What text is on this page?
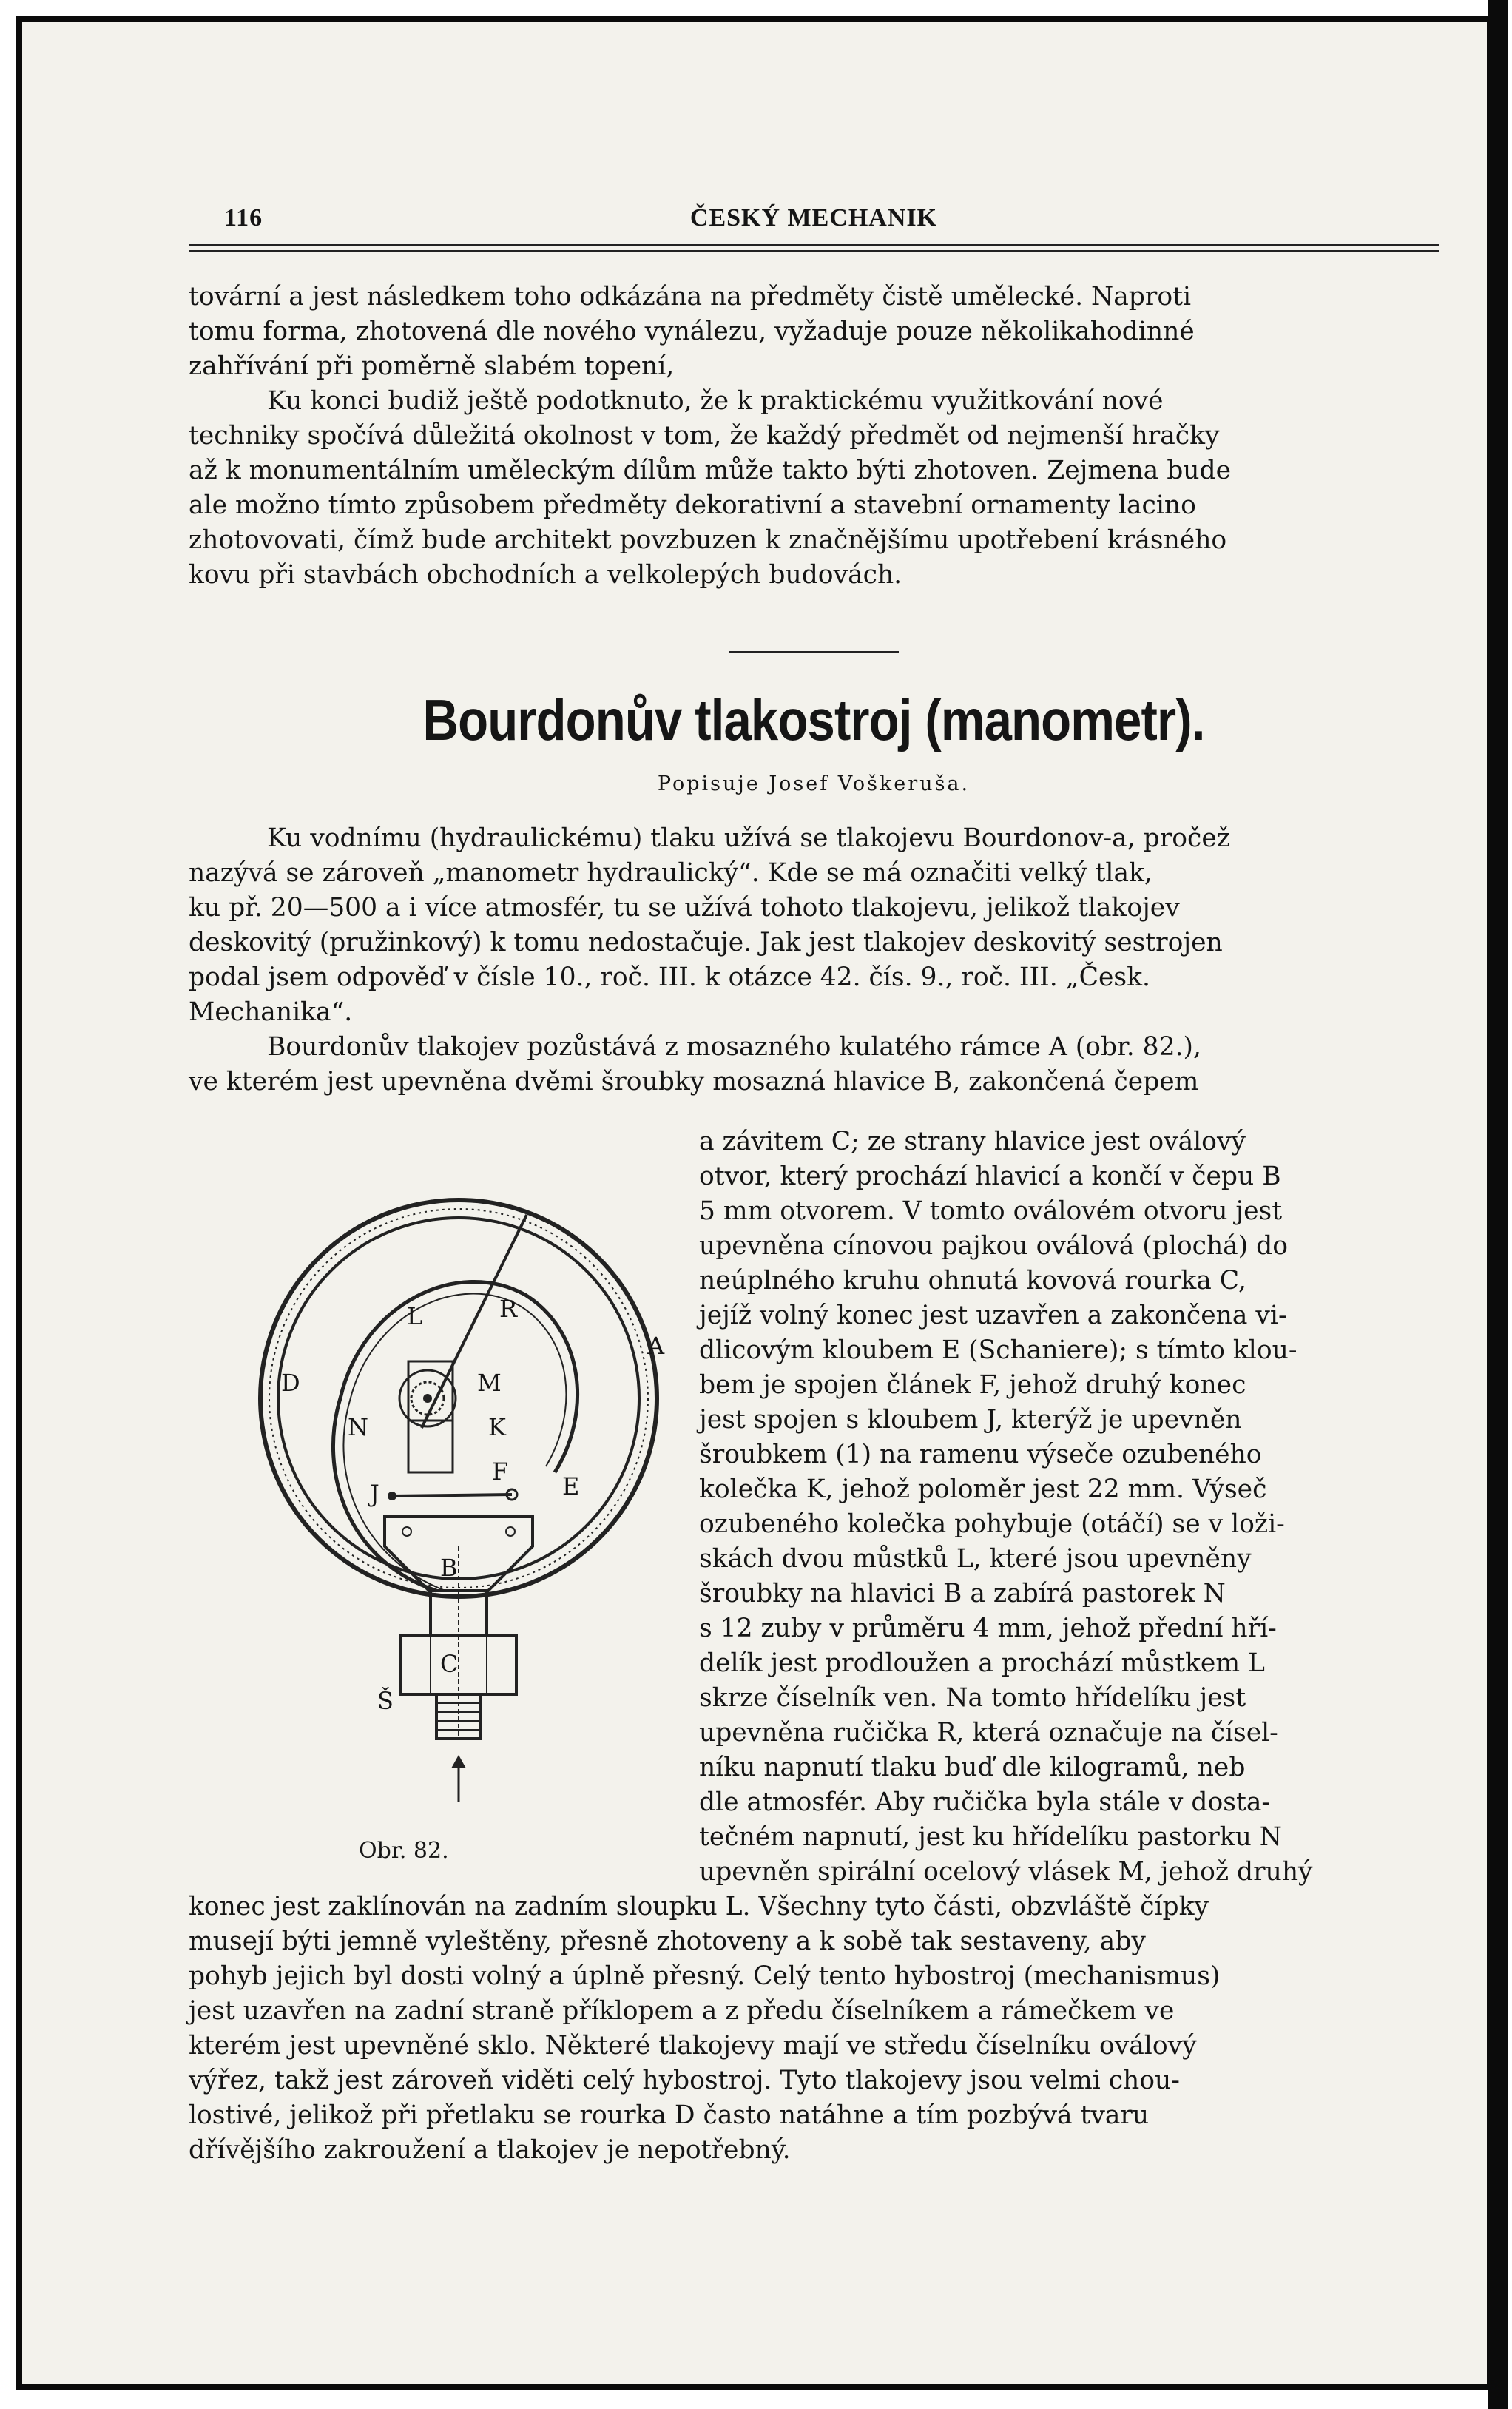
116	ČESKÝ MECHANIK

tovární a jest následkem toho odkázána na předměty čistě umělecké. Naproti

tomu forma, zhotovená dle nového vynálezu, vyžaduje pouze několikahodinné

zahřívání při poměrně slabém topení,

Ku konci budiž ještě podotknuto, že k praktickému využitkování nové

techniky spočívá důležitá okolnost v tom, že každý předmět od nejmenší hračky

až k monumentálním uměleckým dílům může takto býti zhotoven. Zejmena bude

ale možno tímto způsobem předměty dekorativní a stavební ornamenty lacino

zhotovovati, čímž bude architekt povzbuzen k značnějšímu upotřebení krásného

kovu při stavbách obchodních a velkolepých budovách.

Bourdonův tlakostroj (manometr).
Popisuje Josef Voškeruša.

Ku vodnímu (hydraulickému) tlaku užívá se tlakojevu Bourdonov-a, pročež

nazývá se zároveň „manometr hydraulický“. Kde se má označiti velký tlak,

ku př. 20—500 a i více atmosfér, tu se užívá tohoto tlakojevu, jelikož tlakojev

deskovitý (pružinkový) k tomu nedostačuje. Jak jest tlakojev deskovitý sestrojen

podal jsem odpověď v čísle 10., roč. III. k otázce 42. čís. 9., roč. III. „Česk.

Mechanika“.

Bourdonův tlakojev pozůstává z mosazného kulatého rámce A (obr. 82.),

ve kterém jest upevněna dvěmi šroubky mosazná hlavice B, zakončená čepem

a závitem C; ze strany hlavice jest oválový

otvor, který prochází hlavicí a končí v čepu B

5 mm otvorem. V tomto oválovém otvoru jest

upevněna cínovou pajkou oválová (plochá) do

neúplného kruhu ohnutá kovová rourka C,

jejíž volný konec jest uzavřen a zakončena vi-

dlicovým kloubem E (Schaniere); s tímto klou-

bem je spojen článek F, jehož druhý konec

jest spojen s kloubem J, kterýž je upevněn

šroubkem (1) na ramenu výseče ozubeného

kolečka K, jehož poloměr jest 22 mm. Výseč

ozubeného kolečka pohybuje (otáčí) se v loži-

skách dvou můstků L, které jsou upevněny

šroubky na hlavici B a zabírá pastorek N

s 12 zuby v průměru 4 mm, jehož přední hří-

delík jest prodloužen a prochází můstkem L

skrze číselník ven. Na tomto hřídelíku jest

upevněna ručička R, která označuje na čísel-

níku napnutí tlaku buď dle kilogramů, neb

dle atmosfér. Aby ručička byla stále v dosta-

tečném napnutí, jest ku hřídelíku pastorku N

upevněn spirální ocelový vlásek M, jehož druhý

konec jest zaklínován na zadním sloupku L. Všechny tyto části, obzvláště čípky

musejí býti jemně vyleštěny, přesně zhotoveny a k sobě tak sestaveny, aby

pohyb jejich byl dosti volný a úplně přesný. Celý tento hybostroj (mechanismus)

jest uzavřen na zadní straně příklopem a z předu číselníkem a rámečkem ve

kterém jest upevněné sklo. Některé tlakojevy mají ve středu číselníku oválový

výřez, takž jest zároveň viděti celý hybostroj. Tyto tlakojevy jsou velmi chou-

lostivé, jelikož při přetlaku se rourka D často natáhne a tím pozbývá tvaru

dřívějšího zakroužení a tlakojev je nepotřebný.

L	R
D	M
N	K
A
F
J	E
B
C
Š
Obr. 82.
